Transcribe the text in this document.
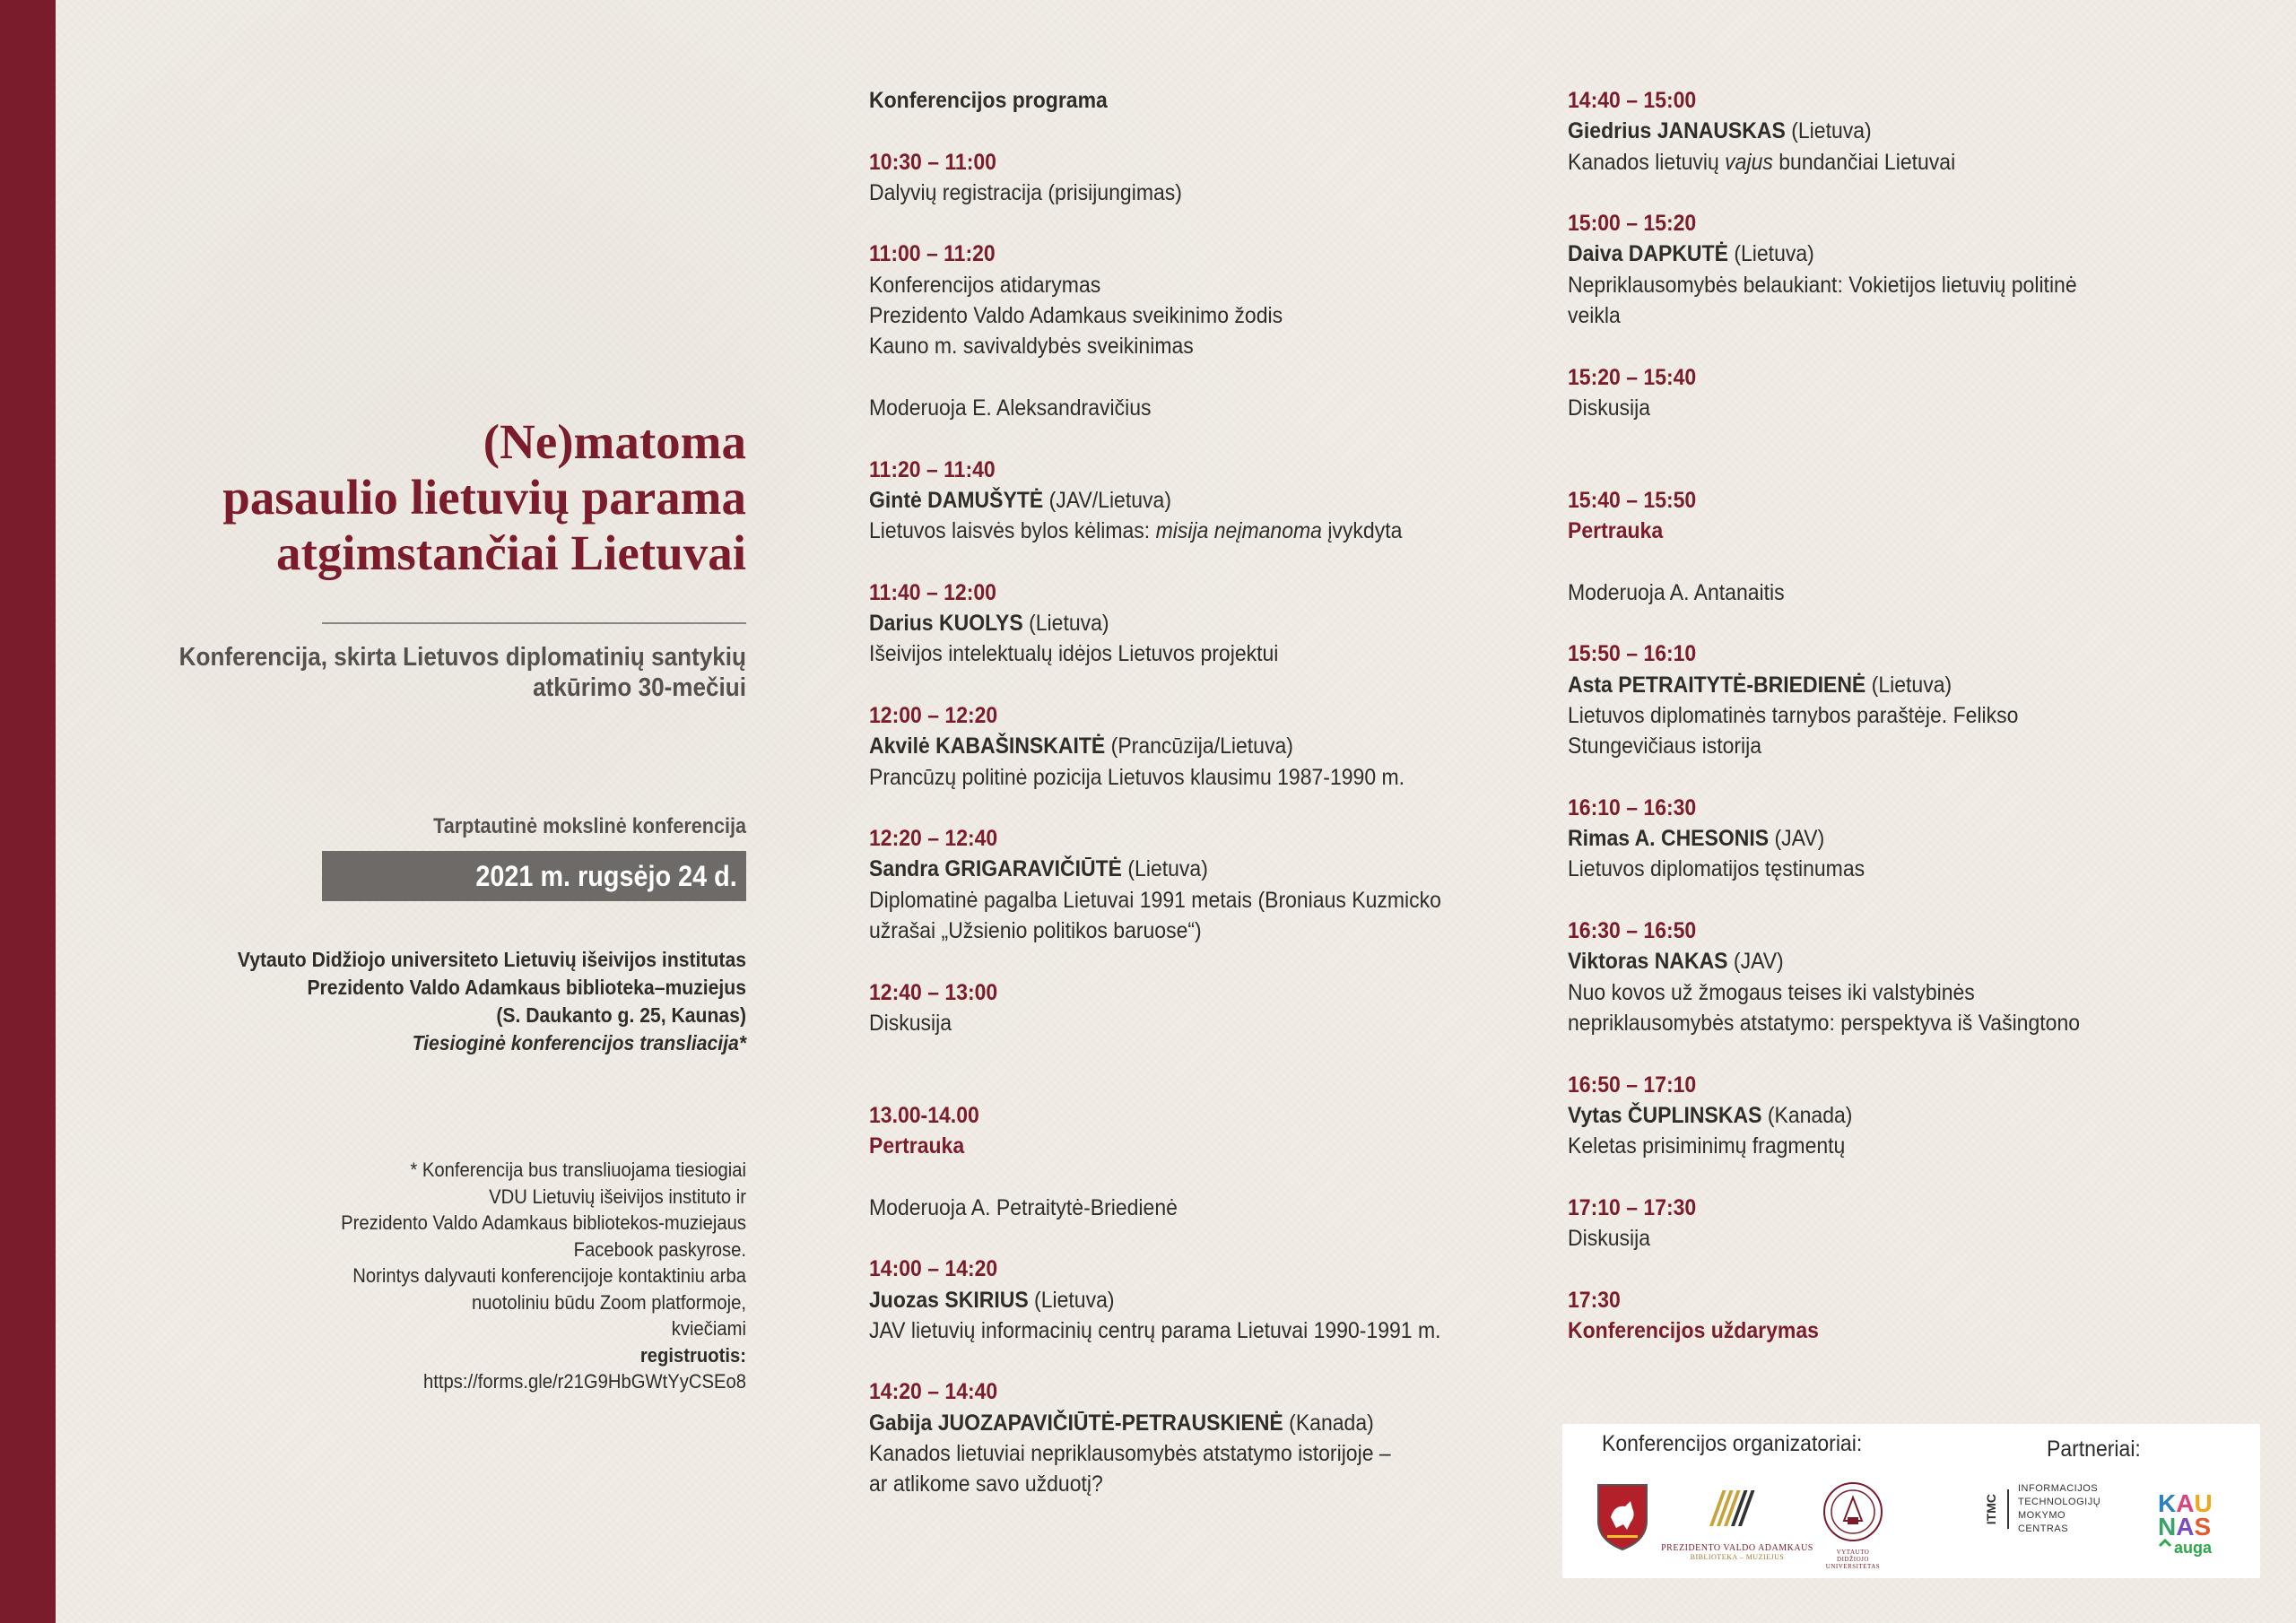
(Ne)matoma
pasaulio lietuvių parama
atgimstančiai Lietuvai
Konferencija, skirta Lietuvos diplomatinių santykių
atkūrimo 30-mečiui
Tarptautinė mokslinė konferencija
2021 m. rugsėjo 24 d.
Vytauto Didžiojo universiteto Lietuvių išeivijos institutas
Prezidento Valdo Adamkaus biblioteka–muziejus
(S. Daukanto g. 25, Kaunas)
Tiesioginė konferencijos transliacija*
* Konferencija bus transliuojama tiesiogiai
VDU Lietuvių išeivijos instituto ir
Prezidento Valdo Adamkaus bibliotekos-muziejaus
Facebook paskyrose.
Norintys dalyvauti konferencijoje kontaktiniu arba
nuotoliniu būdu Zoom platformoje,
kviečiami
registruotis:
https://forms.gle/r21G9HbGWtYyCSEo8
Konferencijos programa
10:30 – 11:00
Dalyvių registracija (prisijungimas)
11:00 – 11:20
Konferencijos atidarymas
Prezidento Valdo Adamkaus sveikinimo žodis
Kauno m. savivaldybės sveikinimas
Moderuoja E. Aleksandravičius
11:20 – 11:40
Gintė DAMUŠYTĖ (JAV/Lietuva)
Lietuvos laisvės bylos kėlimas: misija neįmanoma įvykdyta
11:40 – 12:00
Darius KUOLYS (Lietuva)
Išeivijos intelektualų idėjos Lietuvos projektui
12:00 – 12:20
Akvilė KABAŠINSKAITĖ (Prancūzija/Lietuva)
Prancūzų politinė pozicija Lietuvos klausimu 1987-1990 m.
12:20 – 12:40
Sandra GRIGARAVIČIŪTĖ (Lietuva)
Diplomatinė pagalba Lietuvai 1991 metais (Broniaus Kuzmicko
užrašai „Užsienio politikos baruose“)
12:40 – 13:00
Diskusija
13.00-14.00
Pertrauka
Moderuoja A. Petraitytė-Briedienė
14:00 – 14:20
Juozas SKIRIUS (Lietuva)
JAV lietuvių informacinių centrų parama Lietuvai 1990-1991 m.
14:20 – 14:40
Gabija JUOZAPAVIČIŪTĖ-PETRAUSKIENĖ (Kanada)
Kanados lietuviai nepriklausomybės atstatymo istorijoje –
ar atlikome savo užduotį?
14:40 – 15:00
Giedrius JANAUSKAS (Lietuva)
Kanados lietuvių vajus bundančiai Lietuvai
15:00 – 15:20
Daiva DAPKUTĖ (Lietuva)
Nepriklausomybės belaukiant: Vokietijos lietuvių politinė
veikla
15:20 – 15:40
Diskusija
15:40 – 15:50
Pertrauka
Moderuoja A. Antanaitis
15:50 – 16:10
Asta PETRAITYTĖ-BRIEDIENĖ (Lietuva)
Lietuvos diplomatinės tarnybos paraštėje. Felikso
Stungevičiaus istorija
16:10 – 16:30
Rimas A. CHESONIS (JAV)
Lietuvos diplomatijos tęstinumas
16:30 – 16:50
Viktoras NAKAS (JAV)
Nuo kovos už žmogaus teises iki valstybinės
nepriklausomybės atstatymo: perspektyva iš Vašingtono
16:50 – 17:10
Vytas ČUPLINSKAS (Kanada)
Keletas prisiminimų fragmentų
17:10 – 17:30
Diskusija
17:30
Konferencijos uždarymas
Konferencijos organizatoriai:	Partneriai:
PREZIDENTO VALDO ADAMKAUS
BIBLIOTEKA – MUZIEJUS
VYTAUTO DIDŽIOJO
UNIVERSITETAS
ITMC
INFORMACIJOS
TECHNOLOGIJŲ
MOKYMO CENTRAS
KAU
NAS
auga
